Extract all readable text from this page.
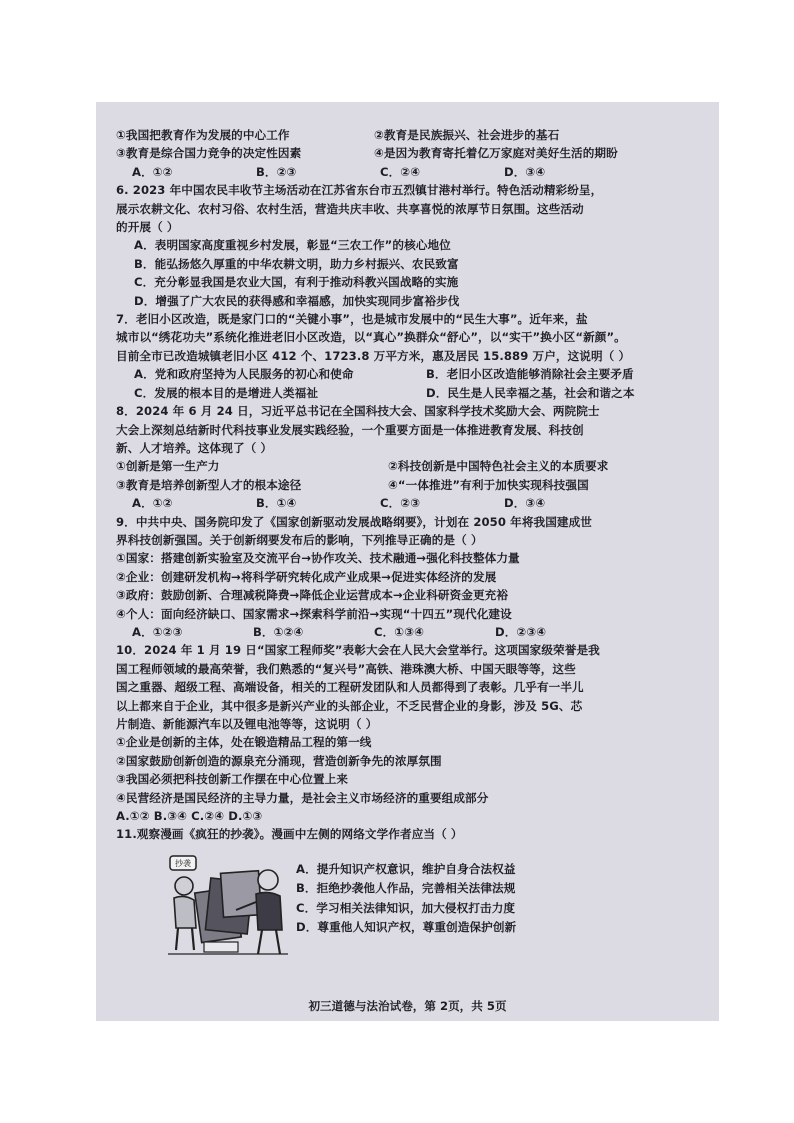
①我国把教育作为发展的中心工作	②教育是民族振兴、社会进步的基石
③教育是综合国力竞争的决定性因素	④是因为教育寄托着亿万家庭对美好生活的期盼
A．①②	B．②③	C．②④	D．③④
6. 2023 年中国农民丰收节主场活动在江苏省东台市五烈镇甘港村举行。特色活动精彩纷呈，
展示农耕文化、农村习俗、农村生活，营造共庆丰收、共享喜悦的浓厚节日氛围。这些活动
的开展（ ）
A．表明国家高度重视乡村发展，彰显“三农工作”的核心地位
B．能弘扬悠久厚重的中华农耕文明，助力乡村振兴、农民致富
C．充分彰显我国是农业大国，有利于推动科教兴国战略的实施
D．增强了广大农民的获得感和幸福感，加快实现同步富裕步伐
7．老旧小区改造，既是家门口的“关键小事”，也是城市发展中的“民生大事”。近年来，盐
城市以“绣花功夫”系统化推进老旧小区改造，以“真心”换群众“舒心”，以“实干”换小区“新颜”。
目前全市已改造城镇老旧小区 412 个、1723.8 万平方米，惠及居民 15.889 万户，这说明（ ）
A．党和政府坚持为人民服务的初心和使命	B．老旧小区改造能够消除社会主要矛盾
C．发展的根本目的是增进人类福祉	D．民生是人民幸福之基，社会和谐之本
8．2024 年 6 月 24 日，习近平总书记在全国科技大会、国家科学技术奖励大会、两院院士
大会上深刻总结新时代科技事业发展实践经验，一个重要方面是一体推进教育发展、科技创
新、人才培养。这体现了（ ）
①创新是第一生产力	②科技创新是中国特色社会主义的本质要求
③教育是培养创新型人才的根本途径	④“一体推进”有利于加快实现科技强国
A．①②	B．①④	C．②③	D．③④
9．中共中央、国务院印发了《国家创新驱动发展战略纲要》，计划在 2050 年将我国建成世
界科技创新强国。关于创新纲要发布后的影响，下列推导正确的是（ ）
①国家：搭建创新实验室及交流平台→协作攻关、技术融通→强化科技整体力量
②企业：创建研发机构→将科学研究转化成产业成果→促进实体经济的发展
③政府：鼓励创新、合理减税降费→降低企业运营成本→企业科研资金更充裕
④个人：面向经济缺口、国家需求→探索科学前沿→实现“十四五”现代化建设
A．①②③	B．①②④	C．①③④	D．②③④
10．2024 年 1 月 19 日“国家工程师奖”表彰大会在人民大会堂举行。这项国家级荣誉是我
国工程师领域的最高荣誉，我们熟悉的“复兴号”高铁、港珠澳大桥、中国天眼等等，这些
国之重器、超级工程、高端设备，相关的工程研发团队和人员都得到了表彰。几乎有一半儿
以上都来自于企业，其中很多是新兴产业的头部企业，不乏民营企业的身影，涉及 5G、芯
片制造、新能源汽车以及锂电池等等，这说明（ ）
①企业是创新的主体，处在锻造精品工程的第一线
②国家鼓励创新创造的源泉充分涌现，营造创新争先的浓厚氛围
③我国必须把科技创新工作摆在中心位置上来
④民营经济是国民经济的主导力量，是社会主义市场经济的重要组成部分
A.①② B.③④ C.②④ D.①③
11.观察漫画《疯狂的抄袭》。漫画中左侧的网络文学作者应当（ ）
抄袭	A．提升知识产权意识，维护自身合法权益
B．拒绝抄袭他人作品，完善相关法律法规
C．学习相关法律知识，加大侵权打击力度
D．尊重他人知识产权，尊重创造保护创新
初三道德与法治试卷，第 2页，共 5页
